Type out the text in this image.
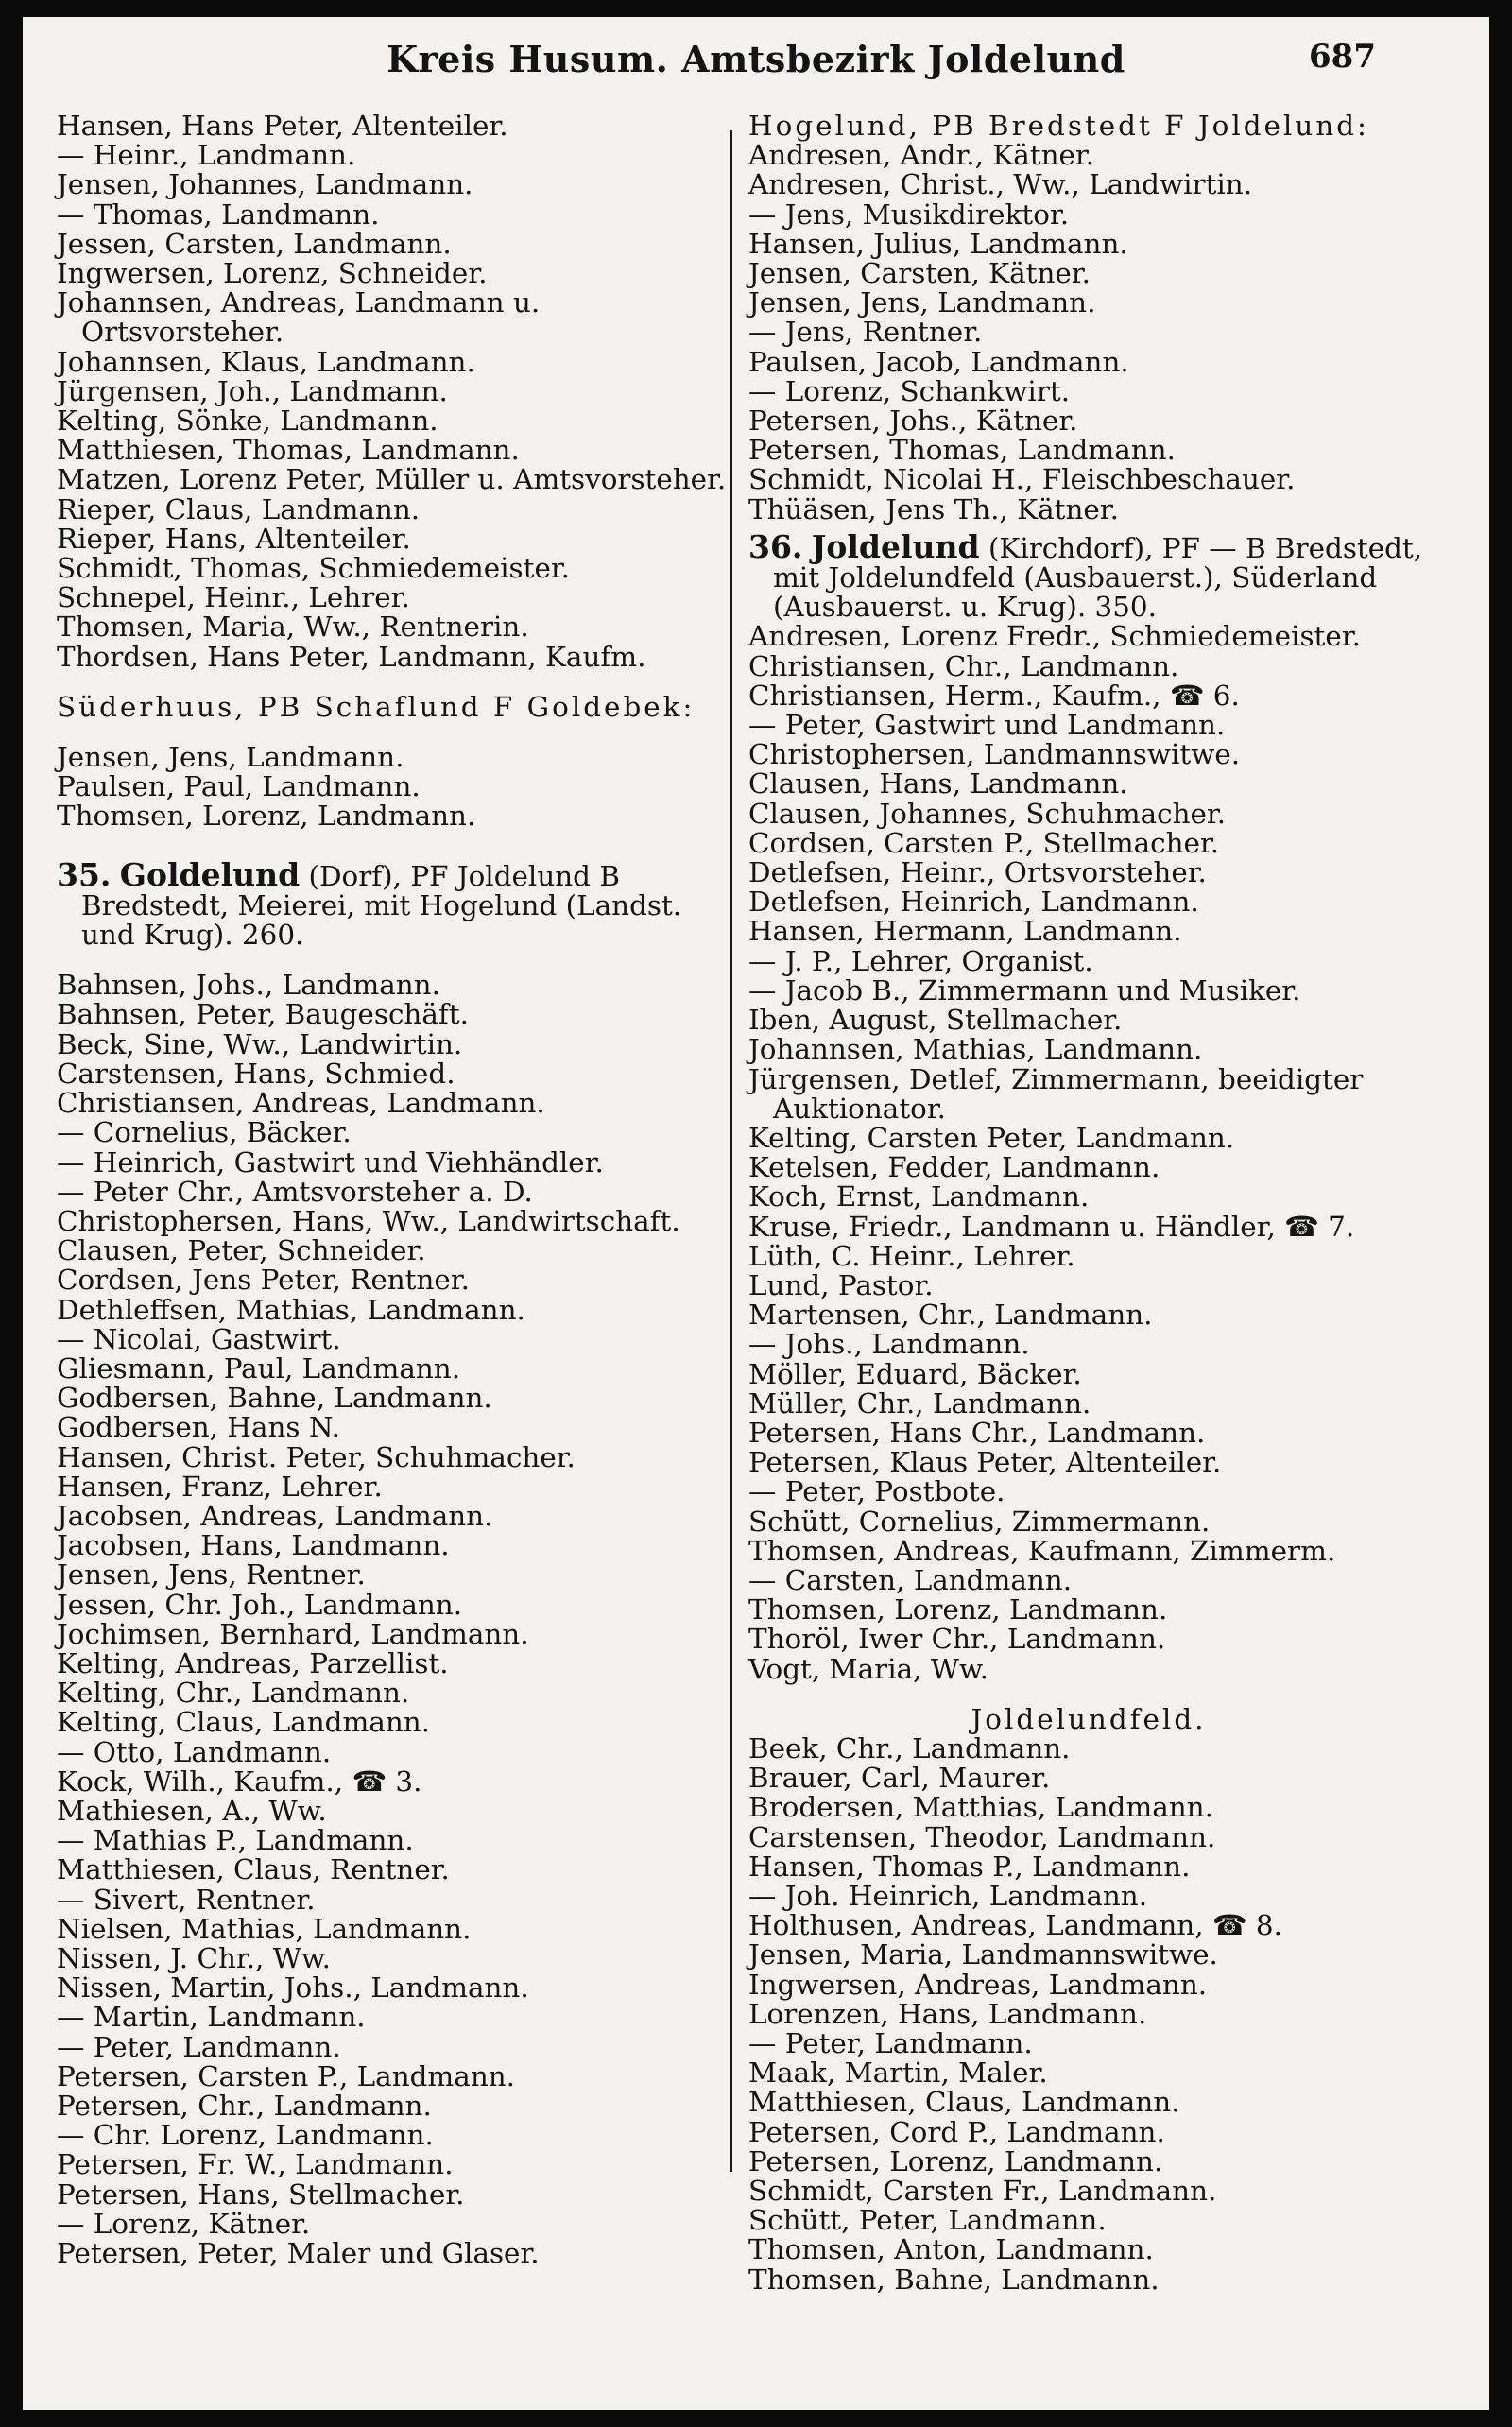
Kreis Husum. Amtsbezirk Joldelund	687
Hansen, Hans Peter, Altenteiler.
— Heinr., Landmann.
Jensen, Johannes, Landmann.
— Thomas, Landmann.
Jessen, Carsten, Landmann.
Ingwersen, Lorenz, Schneider.
Johannsen, Andreas, Landmann u. Ortsvorsteher.
Johannsen, Klaus, Landmann.
Jürgensen, Joh., Landmann.
Kelting, Sönke, Landmann.
Matthiesen, Thomas, Landmann.
Matzen, Lorenz Peter, Müller u. Amtsvorsteher.
Rieper, Claus, Landmann.
Rieper, Hans, Altenteiler.
Schmidt, Thomas, Schmiedemeister.
Schnepel, Heinr., Lehrer.
Thomsen, Maria, Ww., Rentnerin.
Thordsen, Hans Peter, Landmann, Kaufm.
Süderhuus, PB Schaflund F Goldebek:
Jensen, Jens, Landmann.
Paulsen, Paul, Landmann.
Thomsen, Lorenz, Landmann.
35. Goldelund (Dorf), PF Joldelund B Bredstedt, Meierei, mit Hogelund (Landst. und Krug). 260.
Bahnsen, Johs., Landmann.
Bahnsen, Peter, Baugeschäft.
Beck, Sine, Ww., Landwirtin.
Carstensen, Hans, Schmied.
Christiansen, Andreas, Landmann.
— Cornelius, Bäcker.
— Heinrich, Gastwirt und Viehhändler.
— Peter Chr., Amtsvorsteher a. D.
Christophersen, Hans, Ww., Landwirtschaft.
Clausen, Peter, Schneider.
Cordsen, Jens Peter, Rentner.
Dethleffsen, Mathias, Landmann.
— Nicolai, Gastwirt.
Gliesmann, Paul, Landmann.
Godbersen, Bahne, Landmann.
Godbersen, Hans N.
Hansen, Christ. Peter, Schuhmacher.
Hansen, Franz, Lehrer.
Jacobsen, Andreas, Landmann.
Jacobsen, Hans, Landmann.
Jensen, Jens, Rentner.
Jessen, Chr. Joh., Landmann.
Jochimsen, Bernhard, Landmann.
Kelting, Andreas, Parzellist.
Kelting, Chr., Landmann.
Kelting, Claus, Landmann.
— Otto, Landmann.
Kock, Wilh., Kaufm., ☎ 3.
Mathiesen, A., Ww.
— Mathias P., Landmann.
Matthiesen, Claus, Rentner.
— Sivert, Rentner.
Nielsen, Mathias, Landmann.
Nissen, J. Chr., Ww.
Nissen, Martin, Johs., Landmann.
— Martin, Landmann.
— Peter, Landmann.
Petersen, Carsten P., Landmann.
Petersen, Chr., Landmann.
— Chr. Lorenz, Landmann.
Petersen, Fr. W., Landmann.
Petersen, Hans, Stellmacher.
— Lorenz, Kätner.
Petersen, Peter, Maler und Glaser.
Hogelund, PB Bredstedt F Joldelund:
Andresen, Andr., Kätner.
Andresen, Christ., Ww., Landwirtin.
— Jens, Musikdirektor.
Hansen, Julius, Landmann.
Jensen, Carsten, Kätner.
Jensen, Jens, Landmann.
— Jens, Rentner.
Paulsen, Jacob, Landmann.
— Lorenz, Schankwirt.
Petersen, Johs., Kätner.
Petersen, Thomas, Landmann.
Schmidt, Nicolai H., Fleischbeschauer.
Thüäsen, Jens Th., Kätner.
36. Joldelund (Kirchdorf), PF — B Bredstedt, mit Joldelundfeld (Ausbauerst.), Süderland (Ausbauerst. u. Krug). 350.
Andresen, Lorenz Fredr., Schmiedemeister.
Christiansen, Chr., Landmann.
Christiansen, Herm., Kaufm., ☎ 6.
— Peter, Gastwirt und Landmann.
Christophersen, Landmannswitwe.
Clausen, Hans, Landmann.
Clausen, Johannes, Schuhmacher.
Cordsen, Carsten P., Stellmacher.
Detlefsen, Heinr., Ortsvorsteher.
Detlefsen, Heinrich, Landmann.
Hansen, Hermann, Landmann.
— J. P., Lehrer, Organist.
— Jacob B., Zimmermann und Musiker.
Iben, August, Stellmacher.
Johannsen, Mathias, Landmann.
Jürgensen, Detlef, Zimmermann, beeidigter Auktionator.
Kelting, Carsten Peter, Landmann.
Ketelsen, Fedder, Landmann.
Koch, Ernst, Landmann.
Kruse, Friedr., Landmann u. Händler, ☎ 7.
Lüth, C. Heinr., Lehrer.
Lund, Pastor.
Martensen, Chr., Landmann.
— Johs., Landmann.
Möller, Eduard, Bäcker.
Müller, Chr., Landmann.
Petersen, Hans Chr., Landmann.
Petersen, Klaus Peter, Altenteiler.
— Peter, Postbote.
Schütt, Cornelius, Zimmermann.
Thomsen, Andreas, Kaufmann, Zimmerm.
— Carsten, Landmann.
Thomsen, Lorenz, Landmann.
Thoröl, Iwer Chr., Landmann.
Vogt, Maria, Ww.
Joldelundfeld.
Beek, Chr., Landmann.
Brauer, Carl, Maurer.
Brodersen, Matthias, Landmann.
Carstensen, Theodor, Landmann.
Hansen, Thomas P., Landmann.
— Joh. Heinrich, Landmann.
Holthusen, Andreas, Landmann, ☎ 8.
Jensen, Maria, Landmannswitwe.
Ingwersen, Andreas, Landmann.
Lorenzen, Hans, Landmann.
— Peter, Landmann.
Maak, Martin, Maler.
Matthiesen, Claus, Landmann.
Petersen, Cord P., Landmann.
Petersen, Lorenz, Landmann.
Schmidt, Carsten Fr., Landmann.
Schütt, Peter, Landmann.
Thomsen, Anton, Landmann.
Thomsen, Bahne, Landmann.
